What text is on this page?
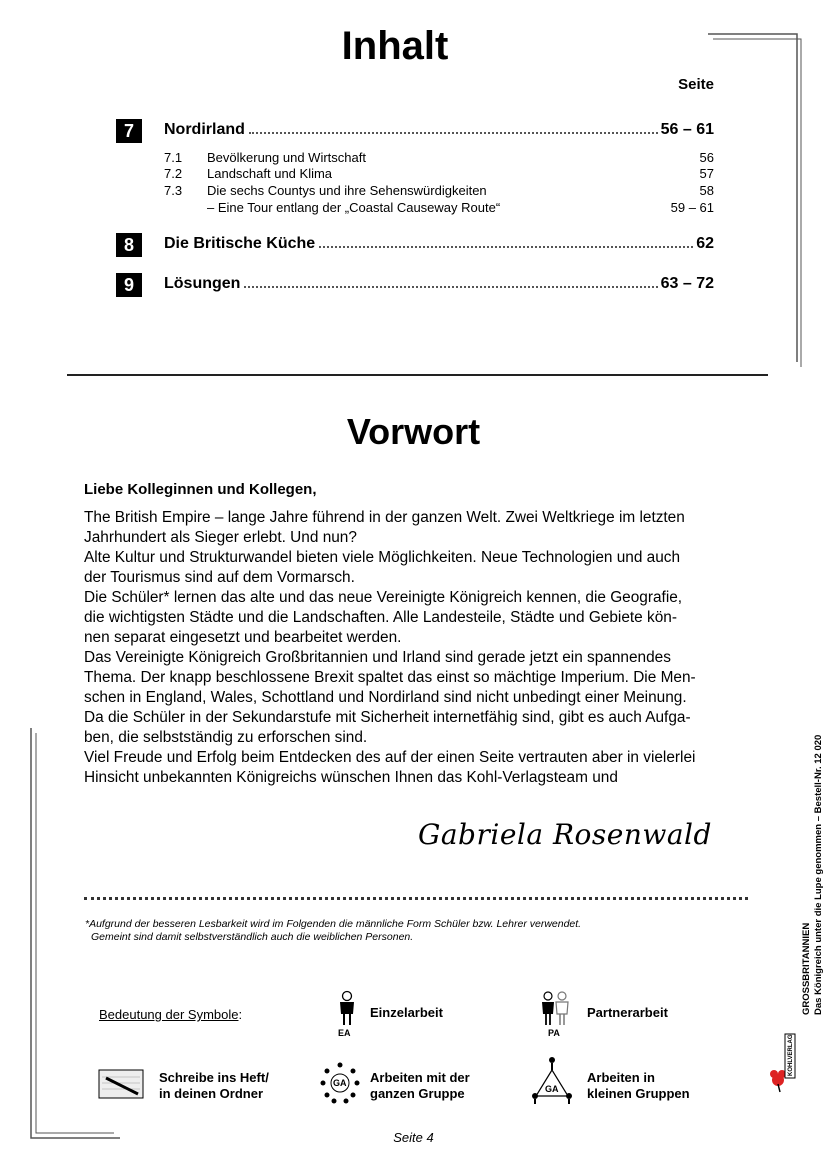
Inhalt
Seite
7	Nordirland	56 – 61
7.1 Bevölkerung und Wirtschaft	56
7.2 Landschaft und Klima	57
7.3 Die sechs Countys und ihre Sehenswürdigkeiten	58
– Eine Tour entlang der „Coastal Causeway Route“	59 – 61
8	Die Britische Küche	62
9	Lösungen	63 – 72
Vorwort
Liebe Kolleginnen und Kollegen,

The British Empire – lange Jahre führend in der ganzen Welt. Zwei Weltkriege im letzten

Jahrhundert als Sieger erlebt. Und nun?

Alte Kultur und Strukturwandel bieten viele Möglichkeiten. Neue Technologien und auch

der Tourismus sind auf dem Vormarsch.

Die Schüler* lernen das alte und das neue Vereinigte Königreich kennen, die Geografie,

die wichtigsten Städte und die Landschaften. Alle Landesteile, Städte und Gebiete kön-

nen separat eingesetzt und bearbeitet werden.

Das Vereinigte Königreich Großbritannien und Irland sind gerade jetzt ein spannendes

Thema. Der knapp beschlossene Brexit spaltet das einst so mächtige Imperium. Die Men-

schen in England, Wales, Schottland und Nordirland sind nicht unbedingt einer Meinung.

Da die Schüler in der Sekundarstufe mit Sicherheit internetfähig sind, gibt es auch Aufga-

ben, die selbstständig zu erforschen sind.

Viel Freude und Erfolg beim Entdecken des auf der einen Seite vertrauten aber in vielerlei

Hinsicht unbekannten Königreichs wünschen Ihnen das Kohl-Verlagsteam und

Gabriela Rosenwald
*Aufgrund der besseren Lesbarkeit wird im Folgenden die männliche Form Schüler bzw. Lehrer verwendet.
Gemeint sind damit selbstverständlich auch die weiblichen Personen.
Bedeutung der Symbole:
EA
Einzelarbeit
PA
Partnerarbeit
Schreibe ins Heft/
in deinen Ordner
GA Arbeiten mit der
ganzen Gruppe	GA
Arbeiten in
kleinen Gruppen
GROSSBRITANNIEN Das Königreich unter die Lupe genommen – Bestell-Nr. 12 020
KOHLVERLAG
Seite 4
